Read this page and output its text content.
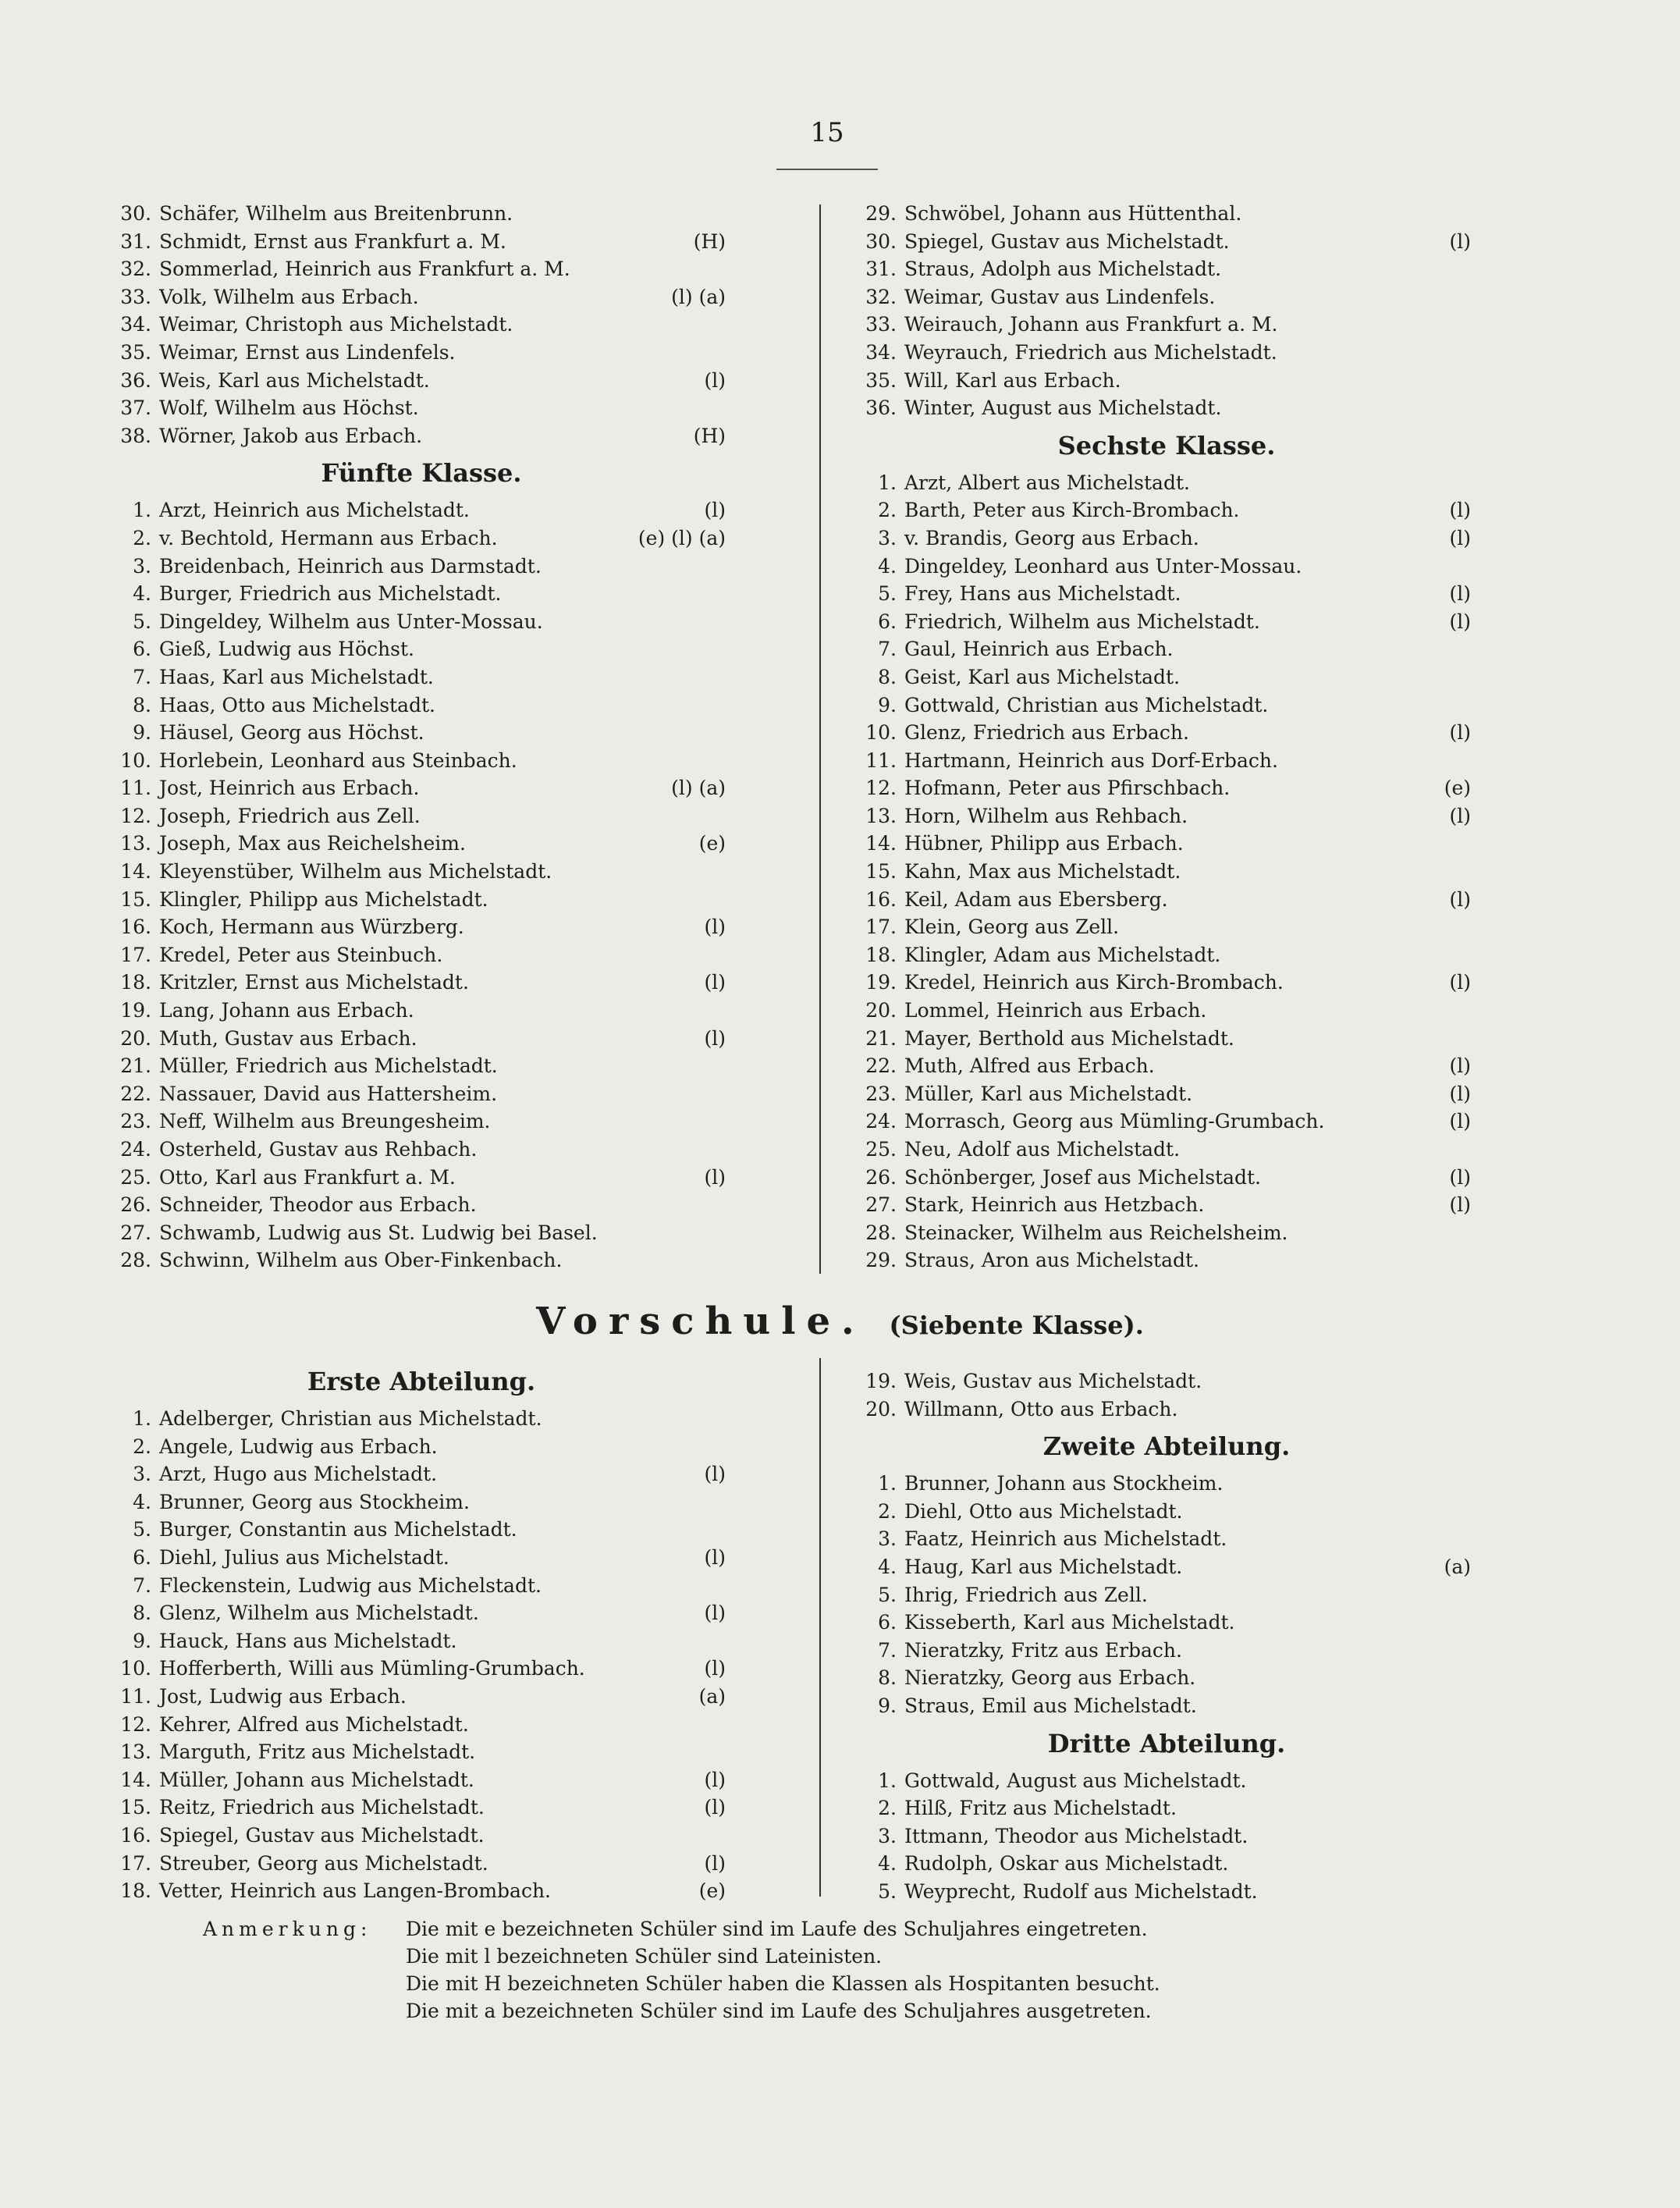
15
30. Schäfer, Wilhelm aus Breitenbrunn.
31. Schmidt, Ernst aus Frankfurt a. M.	(H)
32. Sommerlad, Heinrich aus Frankfurt a. M.
33. Volk, Wilhelm aus Erbach.	(l) (a)
34. Weimar, Christoph aus Michelstadt.
35. Weimar, Ernst aus Lindenfels.
36. Weis, Karl aus Michelstadt.	(l)
37. Wolf, Wilhelm aus Höchst.
38. Wörner, Jakob aus Erbach.	(H)
Fünfte Klasse.
1. Arzt, Heinrich aus Michelstadt.	(l)
2. v. Bechtold, Hermann aus Erbach.	(e) (l) (a)
3. Breidenbach, Heinrich aus Darmstadt.
4. Burger, Friedrich aus Michelstadt.
5. Dingeldey, Wilhelm aus Unter-Mossau.
6. Gieß, Ludwig aus Höchst.
7. Haas, Karl aus Michelstadt.
8. Haas, Otto aus Michelstadt.
9. Häusel, Georg aus Höchst.
10. Horlebein, Leonhard aus Steinbach.
11. Jost, Heinrich aus Erbach.	(l) (a)
12. Joseph, Friedrich aus Zell.
13. Joseph, Max aus Reichelsheim.	(e)
14. Kleyenstüber, Wilhelm aus Michelstadt.
15. Klingler, Philipp aus Michelstadt.
16. Koch, Hermann aus Würzberg.	(l)
17. Kredel, Peter aus Steinbuch.
18. Kritzler, Ernst aus Michelstadt.	(l)
19. Lang, Johann aus Erbach.
20. Muth, Gustav aus Erbach.	(l)
21. Müller, Friedrich aus Michelstadt.
22. Nassauer, David aus Hattersheim.
23. Neff, Wilhelm aus Breungesheim.
24. Osterheld, Gustav aus Rehbach.
25. Otto, Karl aus Frankfurt a. M.	(l)
26. Schneider, Theodor aus Erbach.
27. Schwamb, Ludwig aus St. Ludwig bei Basel.
28. Schwinn, Wilhelm aus Ober-Finkenbach.
29. Schwöbel, Johann aus Hüttenthal.
30. Spiegel, Gustav aus Michelstadt.	(l)
31. Straus, Adolph aus Michelstadt.
32. Weimar, Gustav aus Lindenfels.
33. Weirauch, Johann aus Frankfurt a. M.
34. Weyrauch, Friedrich aus Michelstadt.
35. Will, Karl aus Erbach.
36. Winter, August aus Michelstadt.
Sechste Klasse.
1. Arzt, Albert aus Michelstadt.
2. Barth, Peter aus Kirch-Brombach.	(l)
3. v. Brandis, Georg aus Erbach.	(l)
4. Dingeldey, Leonhard aus Unter-Mossau.
5. Frey, Hans aus Michelstadt.	(l)
6. Friedrich, Wilhelm aus Michelstadt.	(l)
7. Gaul, Heinrich aus Erbach.
8. Geist, Karl aus Michelstadt.
9. Gottwald, Christian aus Michelstadt.
10. Glenz, Friedrich aus Erbach.	(l)
11. Hartmann, Heinrich aus Dorf-Erbach.
12. Hofmann, Peter aus Pfirschbach.	(e)
13. Horn, Wilhelm aus Rehbach.	(l)
14. Hübner, Philipp aus Erbach.
15. Kahn, Max aus Michelstadt.
16. Keil, Adam aus Ebersberg.	(l)
17. Klein, Georg aus Zell.
18. Klingler, Adam aus Michelstadt.
19. Kredel, Heinrich aus Kirch-Brombach.	(l)
20. Lommel, Heinrich aus Erbach.
21. Mayer, Berthold aus Michelstadt.
22. Muth, Alfred aus Erbach.	(l)
23. Müller, Karl aus Michelstadt.	(l)
24. Morrasch, Georg aus Mümling-Grumbach.	(l)
25. Neu, Adolf aus Michelstadt.
26. Schönberger, Josef aus Michelstadt.	(l)
27. Stark, Heinrich aus Hetzbach.	(l)
28. Steinacker, Wilhelm aus Reichelsheim.
29. Straus, Aron aus Michelstadt.
Vorschule. (Siebente Klasse).
Erste Abteilung.
1. Adelberger, Christian aus Michelstadt.
2. Angele, Ludwig aus Erbach.
3. Arzt, Hugo aus Michelstadt.	(l)
4. Brunner, Georg aus Stockheim.
5. Burger, Constantin aus Michelstadt.
6. Diehl, Julius aus Michelstadt.	(l)
7. Fleckenstein, Ludwig aus Michelstadt.
8. Glenz, Wilhelm aus Michelstadt.	(l)
9. Hauck, Hans aus Michelstadt.
10. Hofferberth, Willi aus Mümling-Grumbach.	(l)
11. Jost, Ludwig aus Erbach.	(a)
12. Kehrer, Alfred aus Michelstadt.
13. Marguth, Fritz aus Michelstadt.
14. Müller, Johann aus Michelstadt.	(l)
15. Reitz, Friedrich aus Michelstadt.	(l)
16. Spiegel, Gustav aus Michelstadt.
17. Streuber, Georg aus Michelstadt.	(l)
18. Vetter, Heinrich aus Langen-Brombach.	(e)
19. Weis, Gustav aus Michelstadt.
20. Willmann, Otto aus Erbach.
Zweite Abteilung.
1. Brunner, Johann aus Stockheim.
2. Diehl, Otto aus Michelstadt.
3. Faatz, Heinrich aus Michelstadt.
4. Haug, Karl aus Michelstadt.	(a)
5. Ihrig, Friedrich aus Zell.
6. Kisseberth, Karl aus Michelstadt.
7. Nieratzky, Fritz aus Erbach.
8. Nieratzky, Georg aus Erbach.
9. Straus, Emil aus Michelstadt.
Dritte Abteilung.
1. Gottwald, August aus Michelstadt.
2. Hilß, Fritz aus Michelstadt.
3. Ittmann, Theodor aus Michelstadt.
4. Rudolph, Oskar aus Michelstadt.
5. Weyprecht, Rudolf aus Michelstadt.
Anmerkung:	Die mit e bezeichneten Schüler sind im Laufe des Schuljahres eingetreten.
Die mit l bezeichneten Schüler sind Lateinisten.
Die mit H bezeichneten Schüler haben die Klassen als Hospitanten besucht.
Die mit a bezeichneten Schüler sind im Laufe des Schuljahres ausgetreten.
